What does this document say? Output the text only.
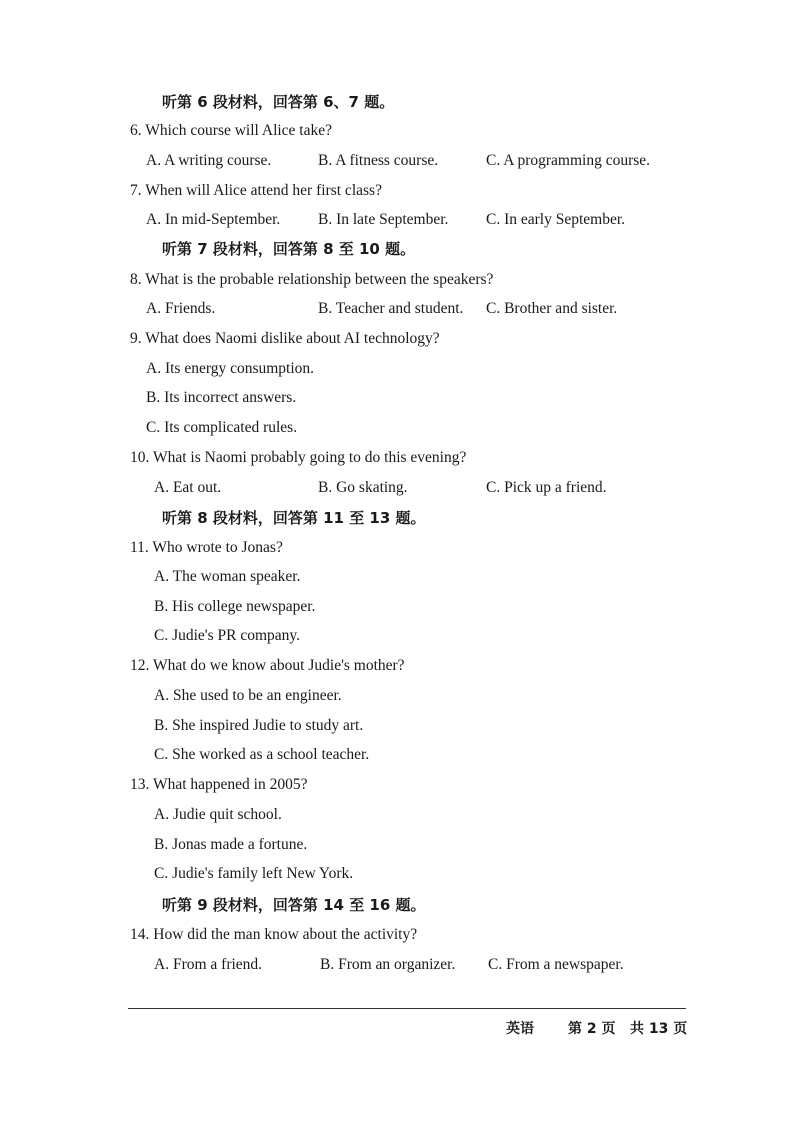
听第 6 段材料，回答第 6、7 题。
6. Which course will Alice take?
A. A writing course.	B. A fitness course.	C. A programming course.
7. When will Alice attend her first class?
A. In mid-September. B. In late September. C. In early September.
听第 7 段材料，回答第 8 至 10 题。
8. What is the probable relationship between the speakers?
A. Friends.	B. Teacher and student. C. Brother and sister.
9. What does Naomi dislike about AI technology?
A. Its energy consumption.
B. Its incorrect answers.
C. Its complicated rules.
10. What is Naomi probably going to do this evening?
A. Eat out.	B. Go skating.	C. Pick up a friend.
听第 8 段材料，回答第 11 至 13 题。
11. Who wrote to Jonas?
A. The woman speaker.
B. His college newspaper.
C. Judie's PR company.
12. What do we know about Judie's mother?
A. She used to be an engineer.
B. She inspired Judie to study art.
C. She worked as a school teacher.
13. What happened in 2005?
A. Judie quit school.
B. Jonas made a fortune.
C. Judie's family left New York.
听第 9 段材料，回答第 14 至 16 题。
14. How did the man know about the activity?
A. From a friend.	B. From an organizer. C. From a newspaper.
英语 第 2 页 共 13 页
